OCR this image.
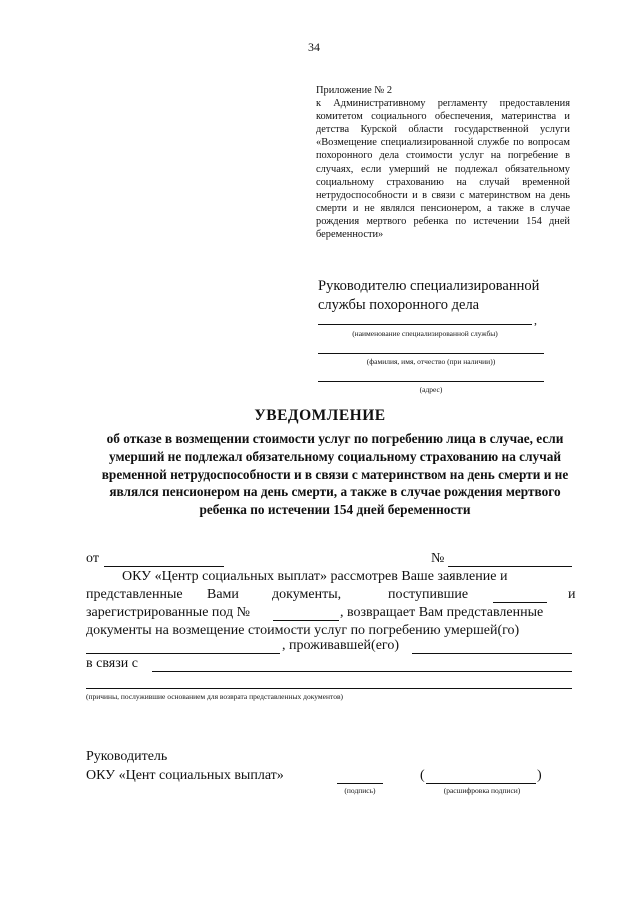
34

Приложение № 2

к Административному регламенту предоставления комитетом социального обеспечения, материнства и детства Курской области государственной услуги «Возмещение специализированной службе по вопросам похоронного дела стоимости услуг на погребение в случаях, если умерший не подлежал обязательному социальному страхованию на случай временной нетрудоспособности и в связи с материнством на день смерти и не являлся пенсионером, а также в случае рождения мертвого ребенка по истечении 154 дней беременности»

Руководителю специализированной службы похоронного дела
,
(наименование специализированной службы)
(фамилия, имя, отчество (при наличии))
(адрес)
УВЕДОМЛЕНИЕ
об отказе в возмещении стоимости услуг по погребению лица в случае, если умерший не подлежал обязательному социальному страхованию на случай временной нетрудоспособности и в связи с материнством на день смерти и не являлся пенсионером на день смерти, а также в случае рождения мертвого ребенка по истечении 154 дней беременности
от	№
ОКУ «Центр социальных выплат» рассмотрев Ваше заявление и
представленные Вами документы,	поступившие	и
зарегистрированные под №	, возвращает Вам представленные
документы на возмещение стоимости услуг по погребению умершей(го)
, проживавшей(его)
в связи с
(причины, послужившие основанием для возврата представленных документов)
Руководитель
ОКУ «Цент социальных выплат»
(подпись)
(	)
(расшифровка подписи)
